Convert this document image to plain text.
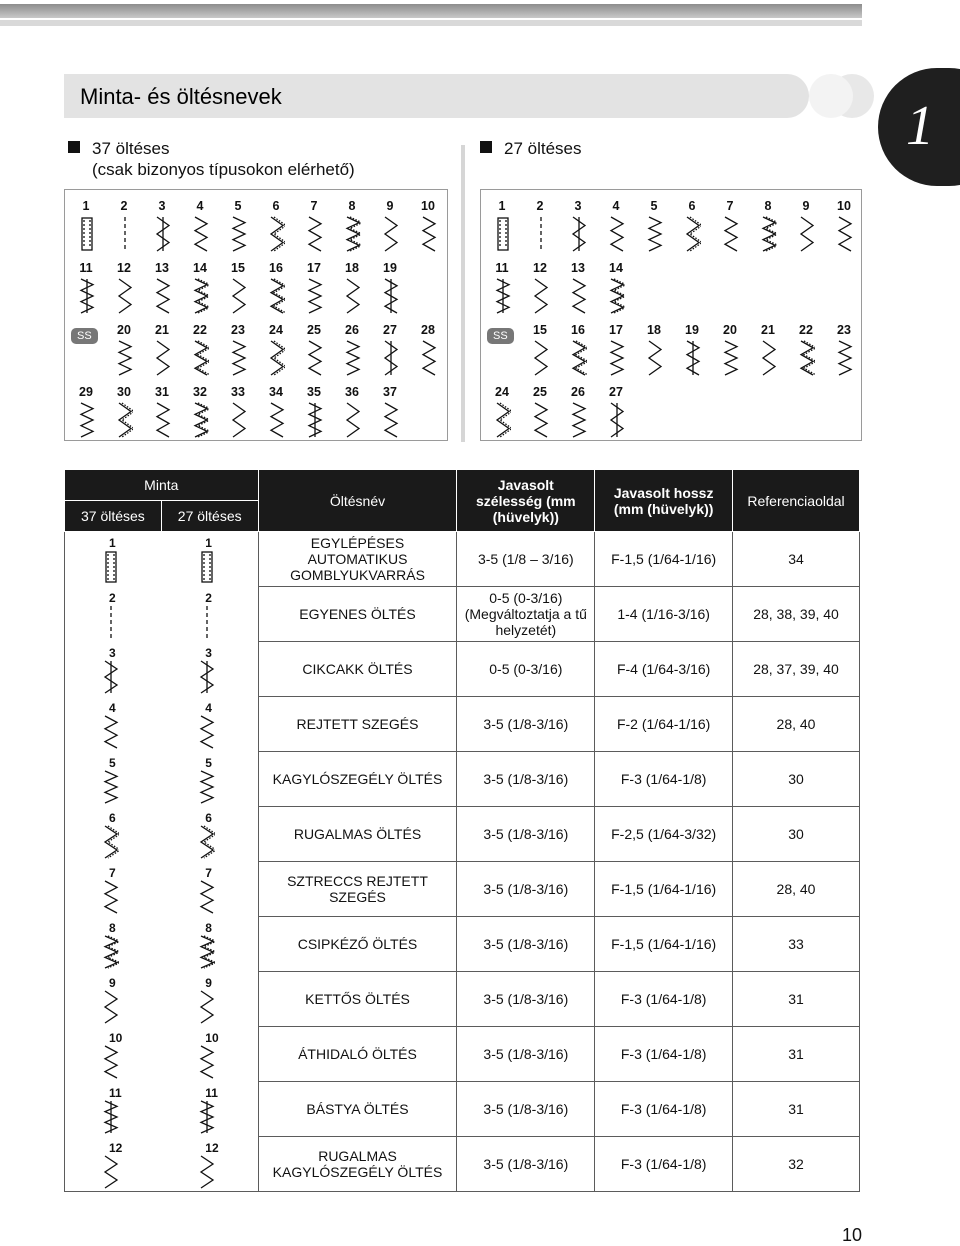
Minta- és öltésnevek	1
37 öltéses
(csak bizonyos típusokon elérhető)
27 öltéses
1	2	3	4	5	6	7	8	9	10
11	12	13	14	15	16	17	18	19
SS	20	21	22	23	24	25	26	27	28
29	30	31	32	33	34	35	36	37
1	2	3	4	5	6	7	8	9	10
11	12	13	14
SS	15	16	17	18	19	20	21	22	23
24	25	26	27
Minta		Öltésnév	Javasolt szélesség (mm (hüvelyk))	Javasolt hossz (mm (hüvelyk))	Referenciaoldal
37 öltéses	27 öltéses				

1	1	EGYLÉPÉSES AUTOMATIKUS GOMBLYUKVARRÁS	3-5 (1/8 – 3/16)	F-1,5 (1/64-1/16)	34

2	2	EGYENES ÖLTÉS	0-5 (0-3/16) (Megváltoztatja a tű helyzetét)	1-4 (1/16-3/16)	28, 38, 39, 40

3	3	CIKCAKK ÖLTÉS	0-5 (0-3/16)	F-4 (1/64-3/16)	28, 37, 39, 40

4	4	REJTETT SZEGÉS	3-5 (1/8-3/16)	F-2 (1/64-1/16)	28, 40

5	5	KAGYLÓSZEGÉLY ÖLTÉS	3-5 (1/8-3/16)	F-3 (1/64-1/8)	30

6	6	RUGALMAS ÖLTÉS	3-5 (1/8-3/16)	F-2,5 (1/64-3/32)	30

7	7	SZTRECCS REJTETT SZEGÉS	3-5 (1/8-3/16)	F-1,5 (1/64-1/16)	28, 40

8	8	CSIPKÉZŐ ÖLTÉS	3-5 (1/8-3/16)	F-1,5 (1/64-1/16)	33

9	9	KETTŐS ÖLTÉS	3-5 (1/8-3/16)	F-3 (1/64-1/8)	31

10	10	ÁTHIDALÓ ÖLTÉS	3-5 (1/8-3/16)	F-3 (1/64-1/8)	31

11	11	BÁSTYA ÖLTÉS	3-5 (1/8-3/16)	F-3 (1/64-1/8)	31

12	12	RUGALMAS KAGYLÓSZEGÉLY ÖLTÉS	3-5 (1/8-3/16)	F-3 (1/64-1/8)	32
10
